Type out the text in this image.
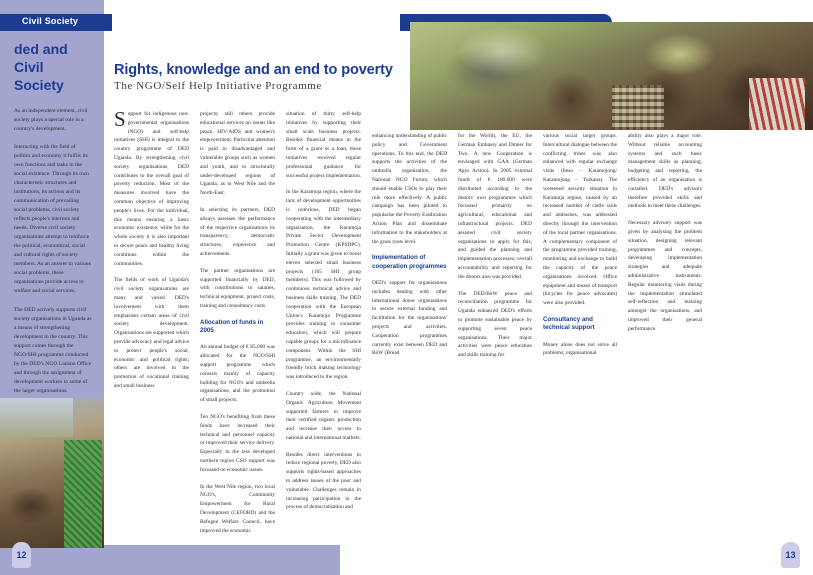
Civil Society
ded and Civil Society
As an independent element, civil society plays a special role in a country's development.
Interacting with the field of politics and economy it fulfils its own functions and tasks in the social existence. Through its own characteristic structures and institutions, its actions and its communication of prevailing social problems, civil society reflects people's interests and needs. Diverse civil society organisations attempt to reinforce the political, economical, social and cultural rights of society members. As an answer to various social problems, these organisations provide access to welfare and social services.
The DED actively supports civil society organisations in Uganda as a means of strengthening development in the country. This support comes through the NGO/SHI programme conducted by the DED's NGO Liaison Office and through the assignment of development workers to some of the larger organisations.
Rights, knowledge and an end to poverty
The NGO/Self Help Initiative Programme

Support for indigenous non-governmental organisations (NGO) and self-help initiatives (SHI) is integral to the country programme of DED Uganda. By strengthening civil society organisations, DED contributes to the overall goal of poverty reduction. Most of the measures involved have the common objective of improving people's lives. For the individual, this means ensuring a basic economic existence, while for the whole society it is also important to secure peace and healthy living conditions within the communities.

The fields of work of Uganda's civil society organisations are many and varied. DED's involvement with them emphasises certain areas of civil society development. Organisations are supported which provide advocacy and legal advice to protect people's social, economic and political rights; others are involved in the promotion of vocational training and small business

projects; still others provide educational services on issues like peace, HIV/AIDS and women's empowerment. Particular attention is paid to disadvantaged and vulnerable groups such as women and youth, and to structurally under-developed regions of Uganda, as in West Nile and the North-East.

In selecting its partners, DED always assesses the performance of the respective organisations its transparency, democratic structures, experience and achievements.

The partner organisations are supported financially by DED, with contributions to salaries, technical equipment, project costs, training and consultancy costs.

Allocation of funds in 2005

An annual budget of € 85,000 was allocated for the NGO/SHI support programme which consists mainly of capacity building for NGO's and umbrella organisations, and the promotion of small projects.

Ten NGO's benefiting from these funds have increased their technical and personnel capacity or improved their service delivery. Especially in the less developed northern region CSO support was focussed on economic issues.

In the West Nile region, two local NGO's, Community Empowerment for Rural Development (CEFORD) and the Refugee Welfare Council, have improved the economic

situation of thirty self-help initiatives by supporting their small scale business projects. Besides financial means in the form of a grant or a loan, these initiatives received regular professional guidance for successful project implementation.

In the Karamoja region, where the lack of development opportunities is notorious, DED began cooperating with the intermediary organisation, the Karamoja Private Sector Development Promotion Centre (KPSDPC). Initially a grant was given to boost eleven selected small business projects (165 SHI group members). This was followed by continuous technical advice and business skills training. The DED cooperation with the European Union's Karamoja Programme provides training in consumer education, which will prepare capable groups for a microfinance component. Within the SHI programme, an environmentally friendly brick making technology was introduced to the region.

Country wide, the National Organic Agriculture Movement supported farmers to improve their certified organic production and increase their access to national and international markets.

Besides direct interventions to reduce regional poverty, DED also supports rights-based approaches to address issues of the poor and vulnerable. Challenges remain in increasing participation in the process of democratisation and

enhancing understanding of public policy and Government operations. To this end, the DED supports the activities of the umbrella organisation, the National NGO Forum, which should enable CSOs to play their role more effectively. A public campaign has been piloted to popularise the Poverty Eradication Action Plan and disseminate information to the stakeholders at the grass roots level.

Implementation of cooperation programmes

DED's support for organisations includes dealing with other international donor organisations to secure external funding and facilitation for the organisations' projects and activities. Cooperation programmes currently exist between DED and BöW (Bread

for the World), the EU, the German Embassy and Dinner for Two. A new Cooperation is envisaged with GAA (German Agro Action). In 2005 external funds of € 180,000 were distributed according to the donors' own programmes which focussed primarily on agricultural, educational and infrastructural projects. DED assisted civil society organisations to apply for this, and guided the planning and implementation processes; overall accountability and reporting for the donors also was provided.

The DED/BöW peace and reconciliation programme for Uganda enhanced DED's efforts to promote sustainable peace by supporting seven peace organisations. Their major activities were peace education and skills training for

various social target groups. Intercultural dialogue between the conflicting tribes was also enhanced with regular exchange visits (Iteso – Karamojong/ Karamojong – Turkana). The worsened security situation in Karamoja region, caused by an increased number of cattle raids and ambushes, was addressed directly through the intervention of the local partner organisations. A complementary component of the programme provided training, monitoring and exchange to build the capacity of the peace organisations involved. Office equipment and means of transport (bicycles for peace advocates) were also provided.

Consultancy and technical support

Money alone does not solve all problems; organisational

ability also plays a major role. Without reliable accounting systems and such basic management skills as planning, budgeting and reporting, the efficiency of an organisation is curtailed. DED's advisors therefore provided skills and methods to meet these challenges.

Necessary advisory support was given by analysing the problem situation, designing relevant programmes and concepts, developing implementation strategies and adequate administrative instruments. Regular monitoring visits during the implementation stimulated self-reflection and learning amongst the organisations, and improved their general performance.

12	13
